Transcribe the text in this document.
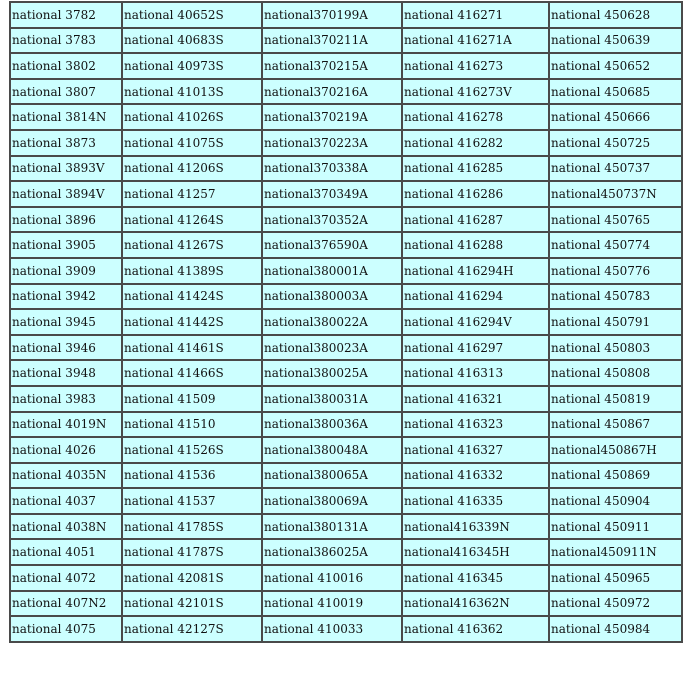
national 3782	national 40652S	national370199A	national 416271	national 450628
national 3783	national 40683S	national370211A	national 416271A	national 450639
national 3802	national 40973S	national370215A	national 416273	national 450652
national 3807	national 41013S	national370216A	national 416273V	national 450685
national 3814N	national 41026S	national370219A	national 416278	national 450666
national 3873	national 41075S	national370223A	national 416282	national 450725
national 3893V	national 41206S	national370338A	national 416285	national 450737
national 3894V	national 41257	national370349A	national 416286	national450737N
national 3896	national 41264S	national370352A	national 416287	national 450765
national 3905	national 41267S	national376590A	national 416288	national 450774
national 3909	national 41389S	national380001A	national 416294H	national 450776
national 3942	national 41424S	national380003A	national 416294	national 450783
national 3945	national 41442S	national380022A	national 416294V	national 450791
national 3946	national 41461S	national380023A	national 416297	national 450803
national 3948	national 41466S	national380025A	national 416313	national 450808
national 3983	national 41509	national380031A	national 416321	national 450819
national 4019N	national 41510	national380036A	national 416323	national 450867
national 4026	national 41526S	national380048A	national 416327	national450867H
national 4035N	national 41536	national380065A	national 416332	national 450869
national 4037	national 41537	national380069A	national 416335	national 450904
national 4038N	national 41785S	national380131A	national416339N	national 450911
national 4051	national 41787S	national386025A	national416345H	national450911N
national 4072	national 42081S	national 410016	national 416345	national 450965
national 407N2	national 42101S	national 410019	national416362N	national 450972
national 4075	national 42127S	national 410033	national 416362	national 450984
